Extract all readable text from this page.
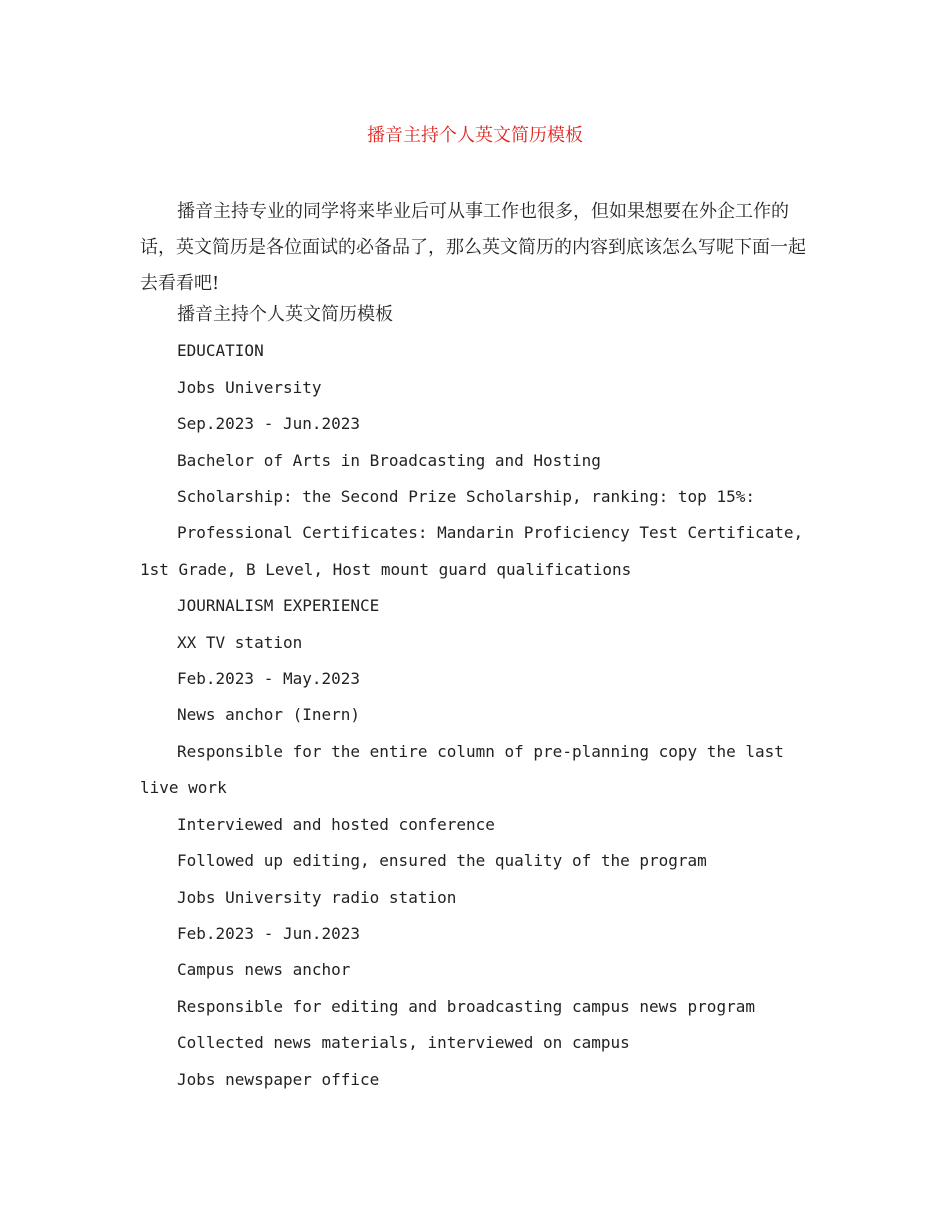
播音主持个人英文简历模板

播音主持专业的同学将来毕业后可从事工作也很多，但如果想要在外企工作的话，英文简历是各位面试的必备品了，那么英文简历的内容到底该怎么写呢下面一起去看看吧!

播音主持个人英文简历模板

EDUCATION

Jobs University

Sep.2023 - Jun.2023

Bachelor of Arts in Broadcasting and Hosting

Scholarship: the Second Prize Scholarship, ranking: top 15%:

Professional Certificates: Mandarin Proficiency Test Certificate, 1st Grade, B Level, Host mount guard qualifications

JOURNALISM EXPERIENCE

XX TV station

Feb.2023 - May.2023

News anchor (Inern)

Responsible for the entire column of pre-planning copy the last live work

Interviewed and hosted conference

Followed up editing, ensured the quality of the program

Jobs University radio station

Feb.2023 - Jun.2023

Campus news anchor

Responsible for editing and broadcasting campus news program

Collected news materials, interviewed on campus

Jobs newspaper office
